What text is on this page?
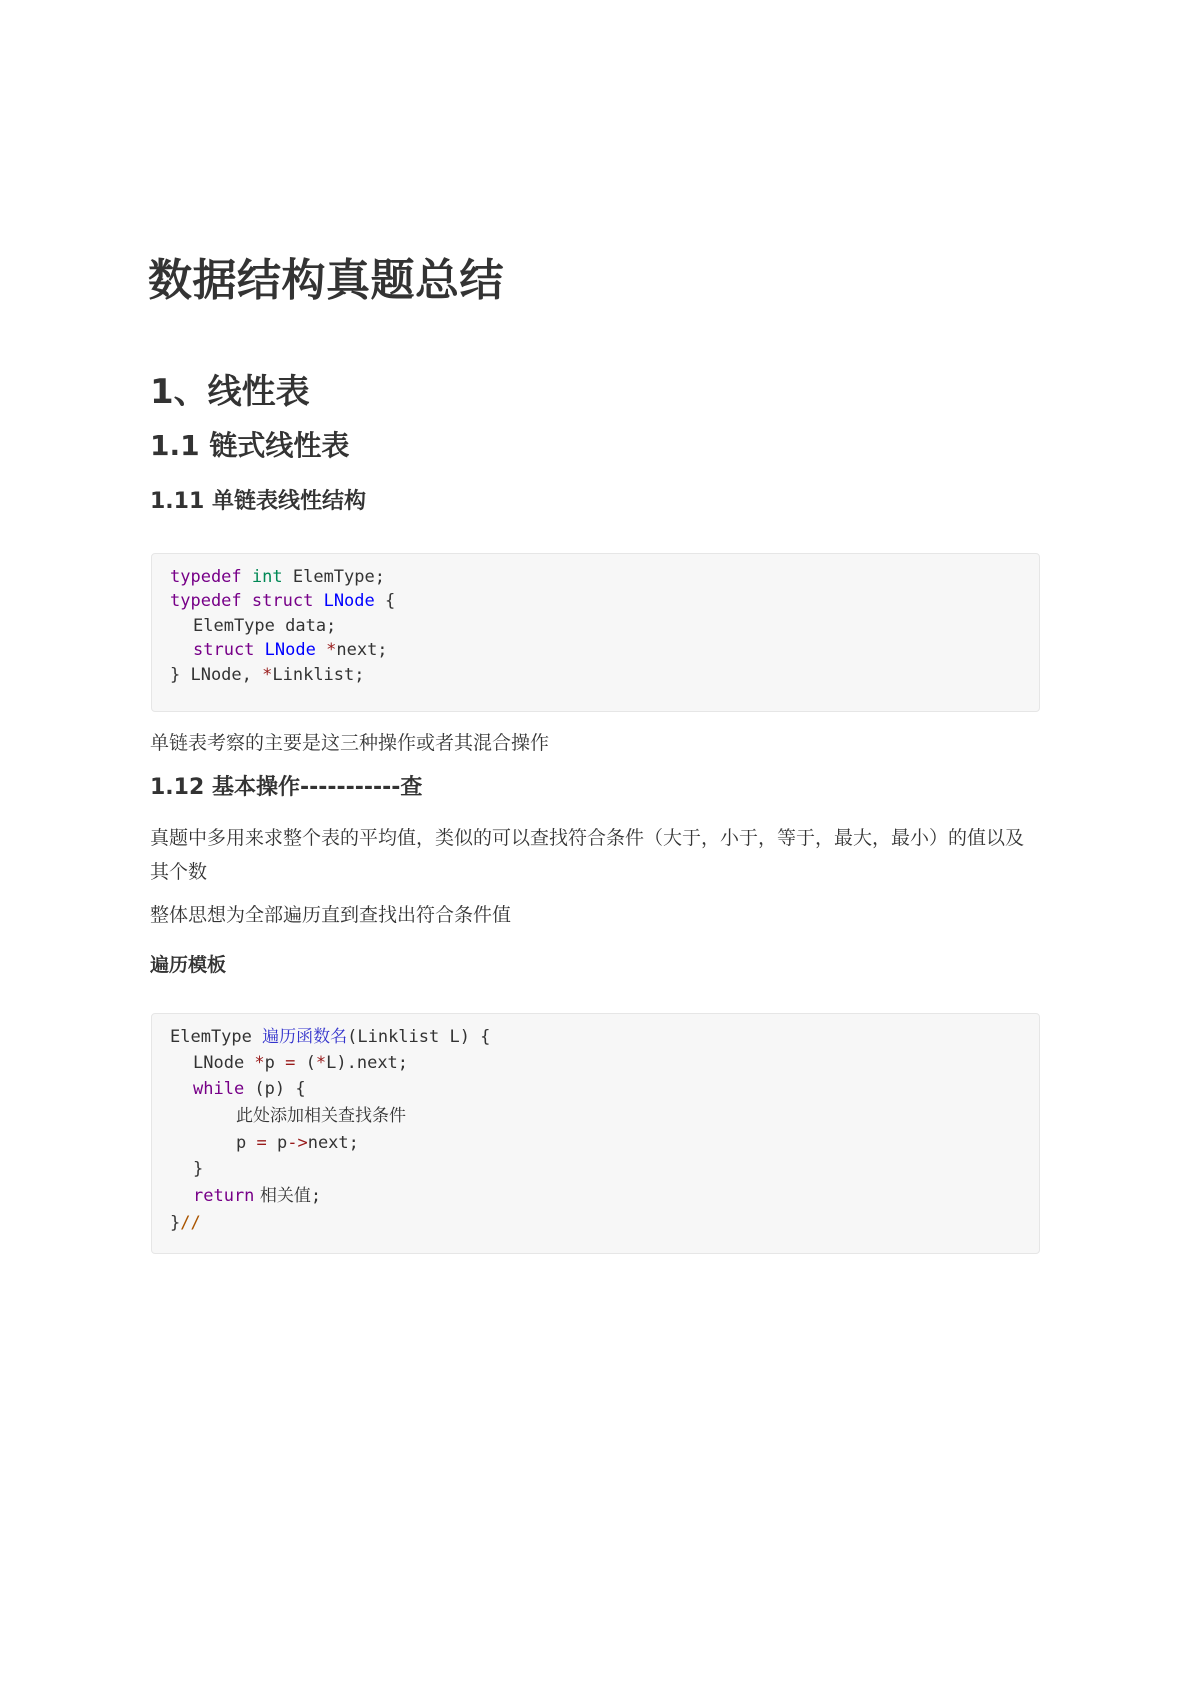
数据结构真题总结
1、线性表
1.1 链式线性表
1.11 单链表线性结构
typedef int ElemType;
typedef struct LNode {
ElemType data;
struct LNode *next;
} LNode, *Linklist;

单链表考察的主要是这三种操作或者其混合操作

1.12 基本操作-----------查

真题中多用来求整个表的平均值，类似的可以查找符合条件（大于，小于，等于，最大，最小）的值以及其个数

整体思想为全部遍历直到查找出符合条件值

遍历模板

ElemType 遍历函数名(Linklist L) {
LNode *p = (*L).next;
while (p) {
此处添加相关查找条件
p = p->next;
}
return 相关值;
}//
